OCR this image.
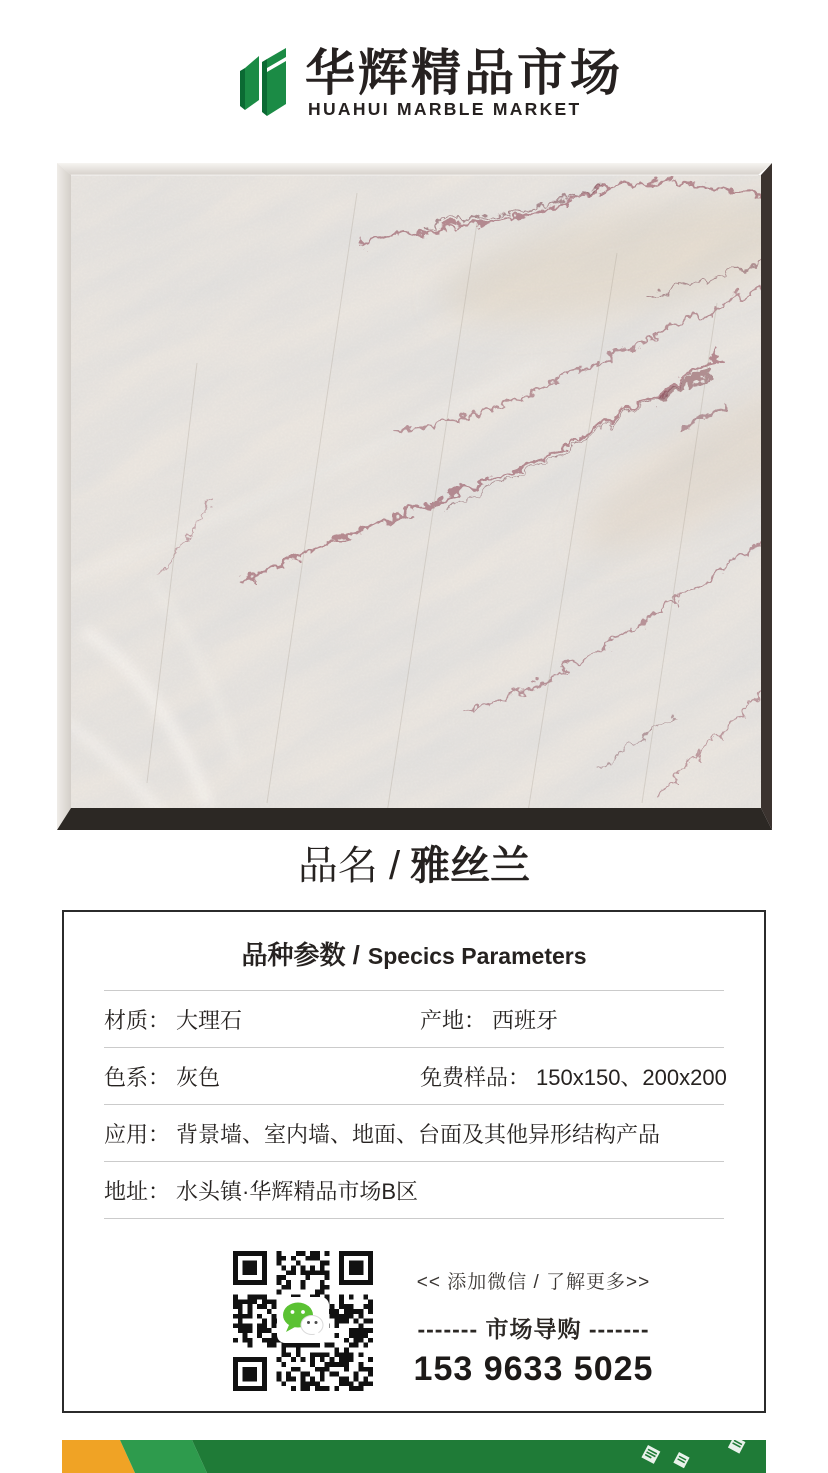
华辉精品市场
HUAHUI MARBLE MARKET
品名 / 雅丝兰
品种参数 / Specics Parameters
材质： 大理石	产地： 西班牙
色系： 灰色	免费样品： 150x150、200x200
应用： 背景墙、室内墙、地面、台面及其他异形结构产品
地址： 水头镇·华辉精品市场B区
<< 添加微信 / 了解更多>>
------- 市场导购 -------
153 9633 5025
